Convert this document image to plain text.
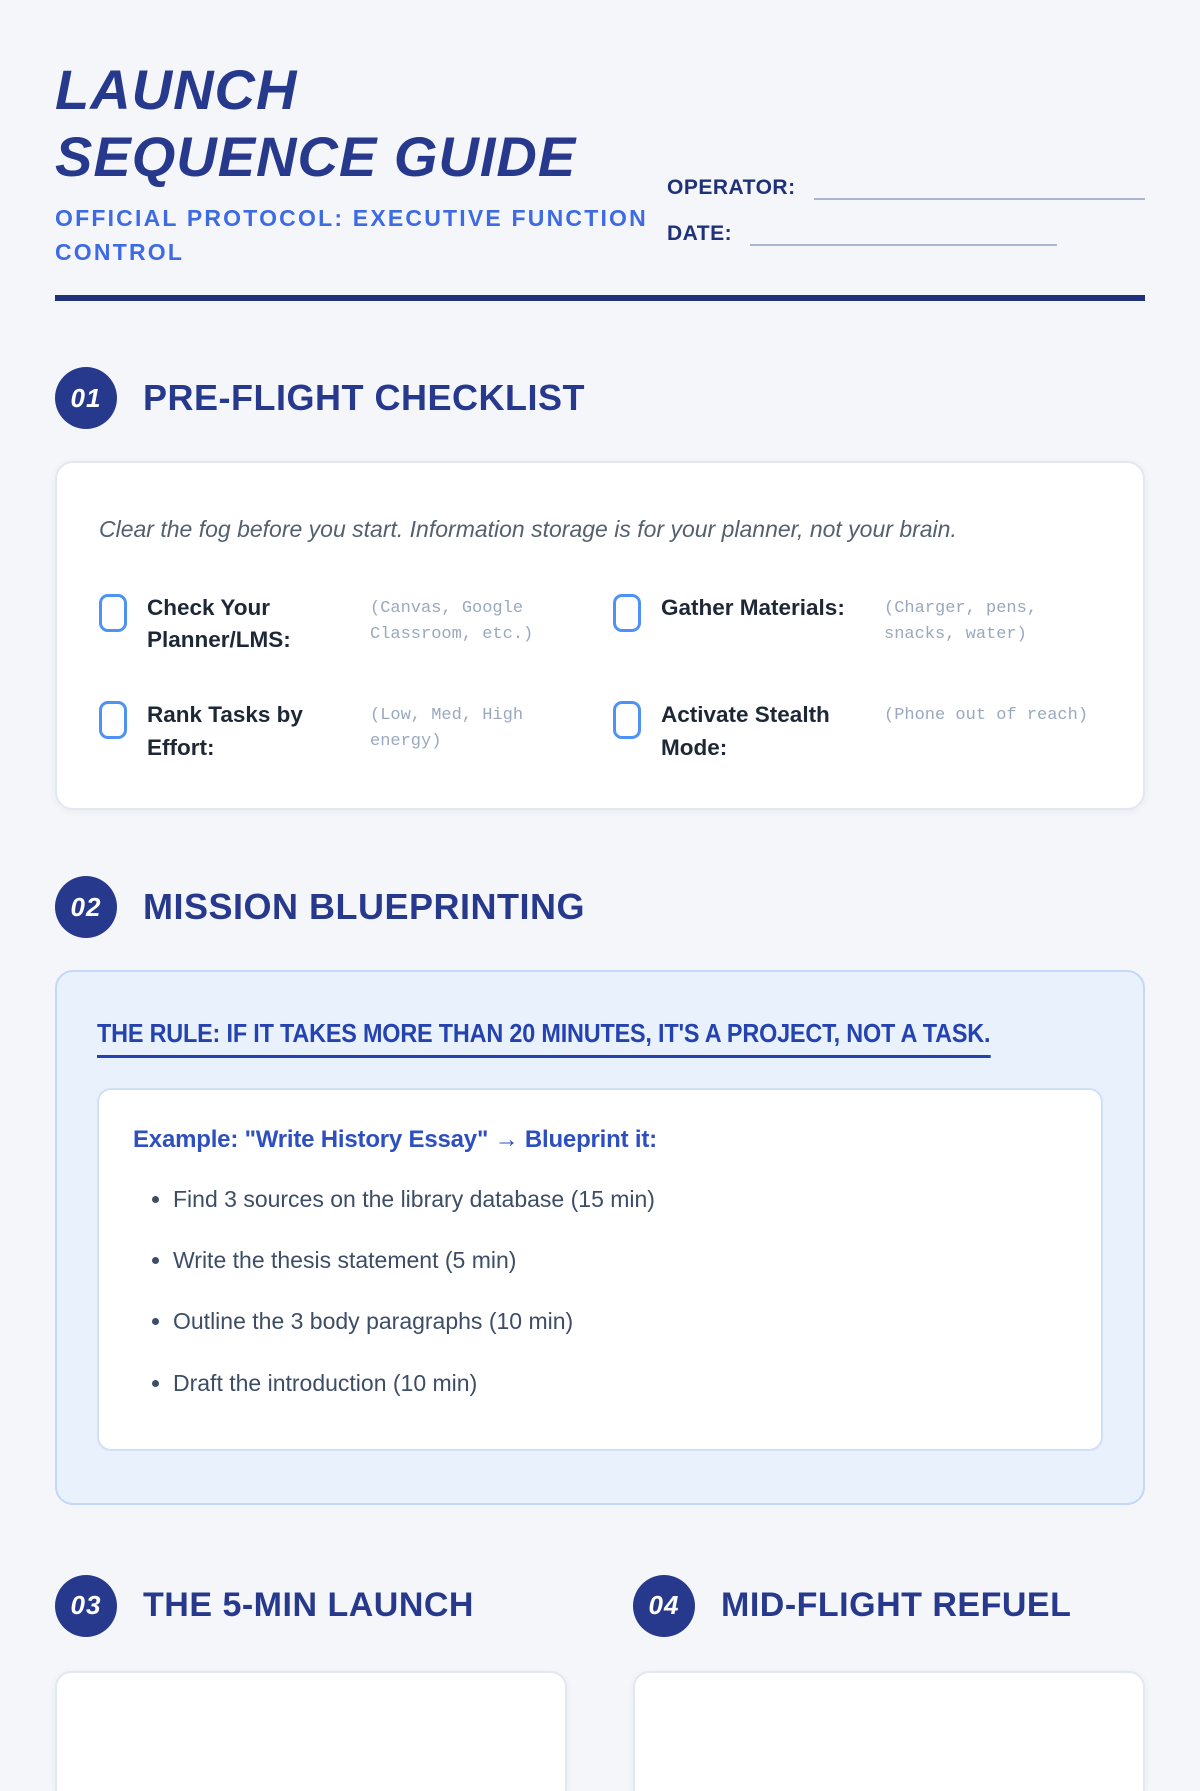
LAUNCH
SEQUENCE GUIDE
OFFICIAL PROTOCOL: EXECUTIVE FUNCTION CONTROL
OPERATOR:
DATE:
01	PRE-FLIGHT CHECKLIST
Clear the fog before you start. Information storage is for your planner, not your brain.
Check Your Planner/LMS:
(Canvas, Google Classroom, etc.)
Gather Materials:	(Charger, pens, snacks, water)
Rank Tasks by Effort:
(Low, Med, High energy)
Activate Stealth Mode:
(Phone out of reach)
02	MISSION BLUEPRINTING
THE RULE: IF IT TAKES MORE THAN 20 MINUTES, IT'S A PROJECT, NOT A TASK.
Example: "Write History Essay" → Blueprint it:
• Find 3 sources on the library database (15 min)
• Write the thesis statement (5 min)
• Outline the 3 body paragraphs (10 min)
• Draft the introduction (10 min)
03	THE 5-MIN LAUNCH	04	MID-FLIGHT REFUEL
